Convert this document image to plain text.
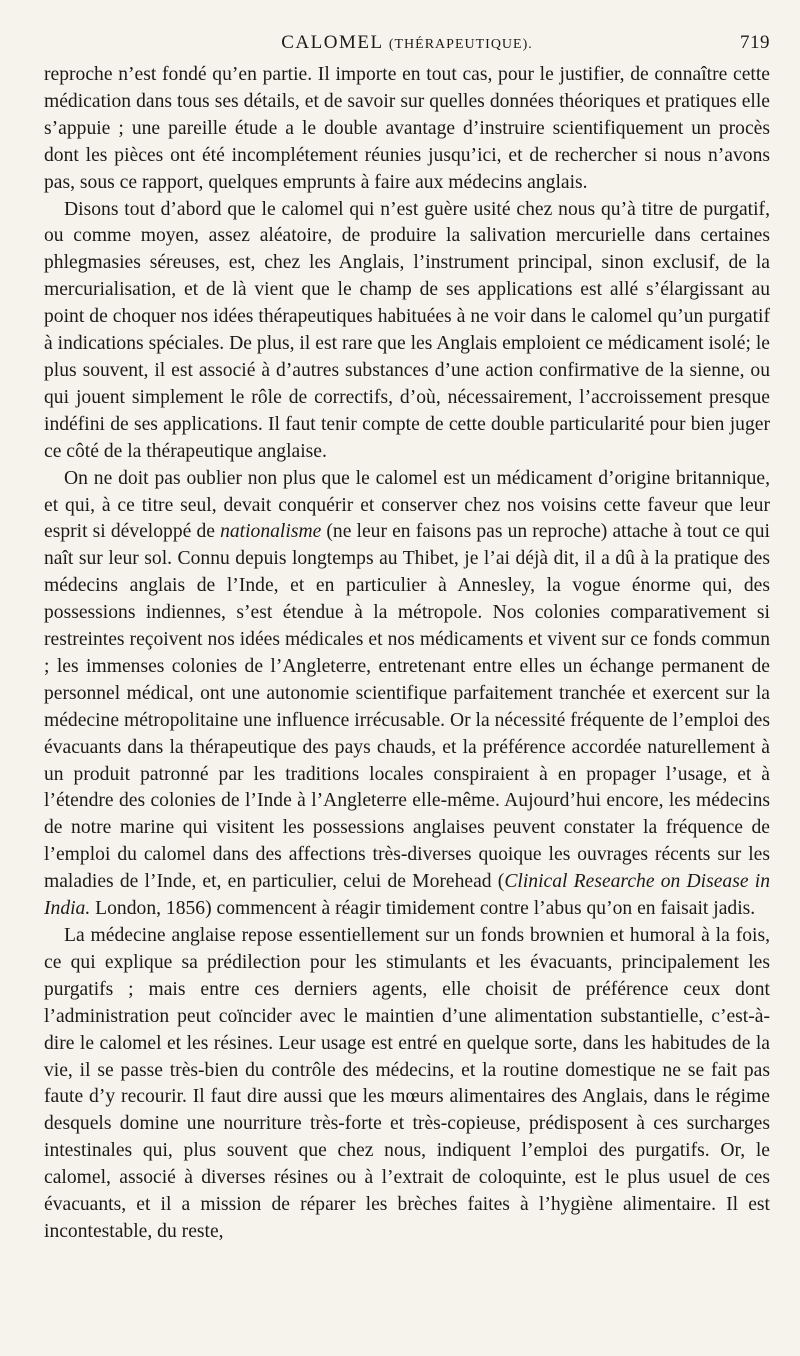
CALOMEL (THÉRAPEUTIQUE).	719

reproche n’est fondé qu’en partie. Il importe en tout cas, pour le justifier, de connaître cette médication dans tous ses détails, et de savoir sur quelles données théoriques et pratiques elle s’appuie ; une pareille étude a le double avantage d’instruire scientifiquement un procès dont les pièces ont été incomplétement réunies jusqu’ici, et de rechercher si nous n’avons pas, sous ce rapport, quelques emprunts à faire aux médecins anglais.

Disons tout d’abord que le calomel qui n’est guère usité chez nous qu’à titre de purgatif, ou comme moyen, assez aléatoire, de produire la salivation mercurielle dans certaines phlegmasies séreuses, est, chez les Anglais, l’instrument principal, sinon exclusif, de la mercurialisation, et de là vient que le champ de ses applications est allé s’élargissant au point de choquer nos idées thérapeutiques habituées à ne voir dans le calomel qu’un purgatif à indications spéciales. De plus, il est rare que les Anglais emploient ce médicament isolé; le plus souvent, il est associé à d’autres substances d’une action confirmative de la sienne, ou qui jouent simplement le rôle de correctifs, d’où, nécessairement, l’accroissement presque indéfini de ses applications. Il faut tenir compte de cette double particularité pour bien juger ce côté de la thérapeutique anglaise.

On ne doit pas oublier non plus que le calomel est un médicament d’origine britannique, et qui, à ce titre seul, devait conquérir et conserver chez nos voisins cette faveur que leur esprit si développé de nationalisme (ne leur en faisons pas un reproche) attache à tout ce qui naît sur leur sol. Connu depuis longtemps au Thibet, je l’ai déjà dit, il a dû à la pratique des médecins anglais de l’Inde, et en particulier à Annesley, la vogue énorme qui, des possessions indiennes, s’est étendue à la métropole. Nos colonies comparativement si restreintes reçoivent nos idées médicales et nos médicaments et vivent sur ce fonds commun ; les immenses colonies de l’Angleterre, entretenant entre elles un échange permanent de personnel médical, ont une autonomie scientifique parfaitement tranchée et exercent sur la médecine métropolitaine une influence irrécusable. Or la nécessité fréquente de l’emploi des évacuants dans la thérapeutique des pays chauds, et la préférence accordée naturellement à un produit patronné par les traditions locales conspiraient à en propager l’usage, et à l’étendre des colonies de l’Inde à l’Angleterre elle-même. Aujourd’hui encore, les médecins de notre marine qui visitent les possessions anglaises peuvent constater la fréquence de l’emploi du calomel dans des affections très-diverses quoique les ouvrages récents sur les maladies de l’Inde, et, en particulier, celui de Morehead (Clinical Researche on Disease in India. London, 1856) commencent à réagir timidement contre l’abus qu’on en faisait jadis.

La médecine anglaise repose essentiellement sur un fonds brownien et humoral à la fois, ce qui explique sa prédilection pour les stimulants et les évacuants, principalement les purgatifs ; mais entre ces derniers agents, elle choisit de préférence ceux dont l’administration peut coïncider avec le maintien d’une alimentation substantielle, c’est-à-dire le calomel et les résines. Leur usage est entré en quelque sorte, dans les habitudes de la vie, il se passe très-bien du contrôle des médecins, et la routine domestique ne se fait pas faute d’y recourir. Il faut dire aussi que les mœurs alimentaires des Anglais, dans le régime desquels domine une nourriture très-forte et très-copieuse, prédisposent à ces surcharges intestinales qui, plus souvent que chez nous, indiquent l’emploi des purgatifs. Or, le calomel, associé à diverses résines ou à l’extrait de coloquinte, est le plus usuel de ces évacuants, et il a mission de réparer les brèches faites à l’hygiène alimentaire. Il est incontestable, du reste,
